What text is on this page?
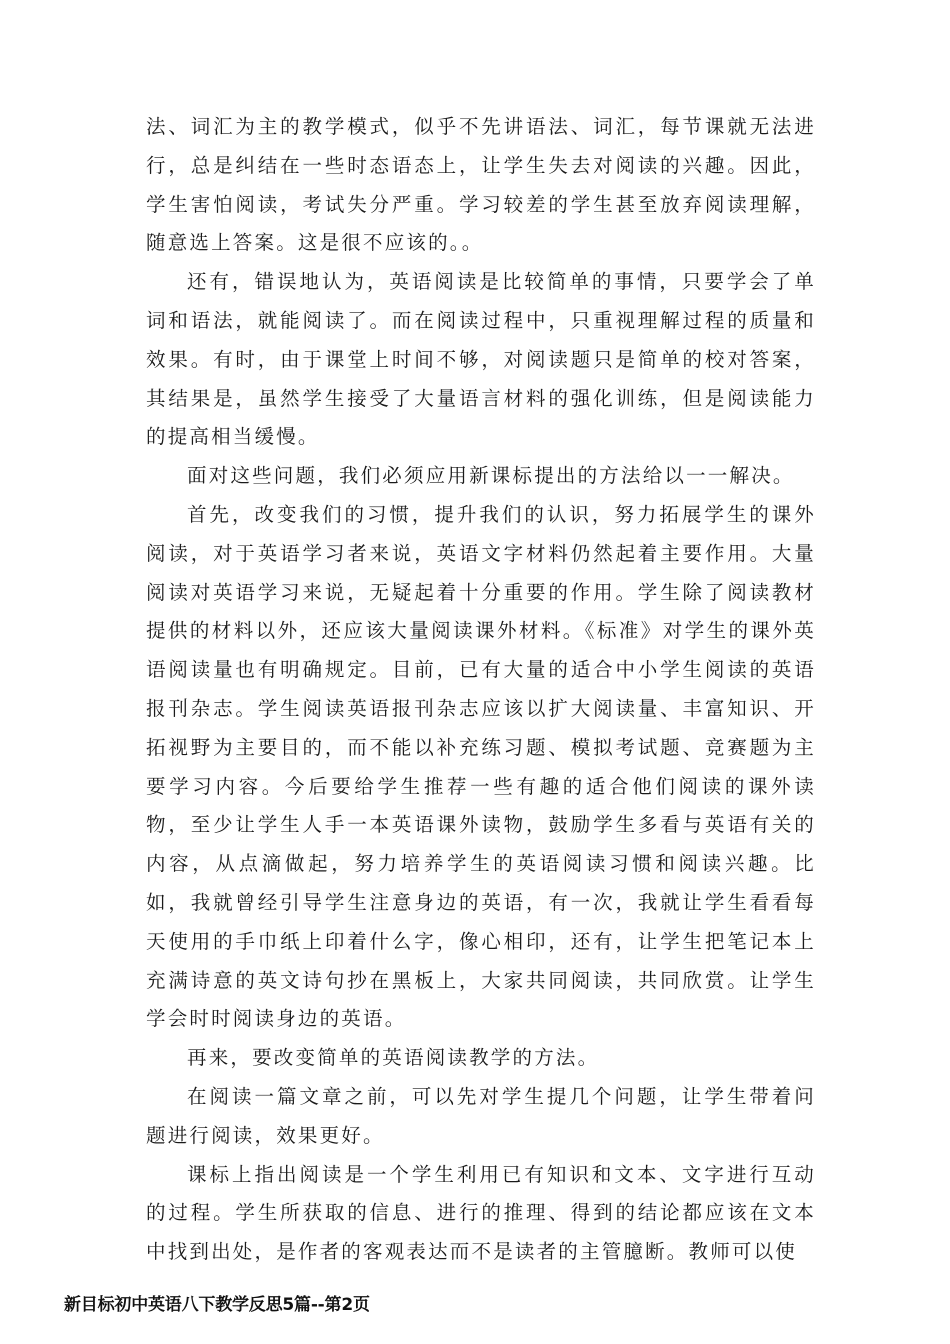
法、词汇为主的教学模式，似乎不先讲语法、词汇，每节课就无法进行，总是纠结在一些时态语态上，让学生失去对阅读的兴趣。因此，学生害怕阅读，考试失分严重。学习较差的学生甚至放弃阅读理解，随意选上答案。这是很不应该的。。

还有，错误地认为，英语阅读是比较简单的事情，只要学会了单词和语法，就能阅读了。而在阅读过程中，只重视理解过程的质量和效果。有时，由于课堂上时间不够，对阅读题只是简单的校对答案，其结果是，虽然学生接受了大量语言材料的强化训练，但是阅读能力的提高相当缓慢。

面对这些问题，我们必须应用新课标提出的方法给以一一解决。

首先，改变我们的习惯，提升我们的认识，努力拓展学生的课外阅读，对于英语学习者来说，英语文字材料仍然起着主要作用。大量阅读对英语学习来说，无疑起着十分重要的作用。学生除了阅读教材提供的材料以外，还应该大量阅读课外材料。《标准》对学生的课外英语阅读量也有明确规定。目前，已有大量的适合中小学生阅读的英语报刊杂志。学生阅读英语报刊杂志应该以扩大阅读量、丰富知识、开拓视野为主要目的，而不能以补充练习题、模拟考试题、竞赛题为主要学习内容。今后要给学生推荐一些有趣的适合他们阅读的课外读物，至少让学生人手一本英语课外读物，鼓励学生多看与英语有关的内容，从点滴做起，努力培养学生的英语阅读习惯和阅读兴趣。比如，我就曾经引导学生注意身边的英语，有一次，我就让学生看看每天使用的手巾纸上印着什么字，像心相印，还有，让学生把笔记本上充满诗意的英文诗句抄在黑板上，大家共同阅读，共同欣赏。让学生学会时时阅读身边的英语。

再来，要改变简单的英语阅读教学的方法。

在阅读一篇文章之前，可以先对学生提几个问题，让学生带着问题进行阅读，效果更好。

课标上指出阅读是一个学生利用已有知识和文本、文字进行互动的过程。学生所获取的信息、进行的推理、得到的结论都应该在文本中找到出处，是作者的客观表达而不是读者的主管臆断。教师可以使

新目标初中英语八下教学反思5篇--第2页
